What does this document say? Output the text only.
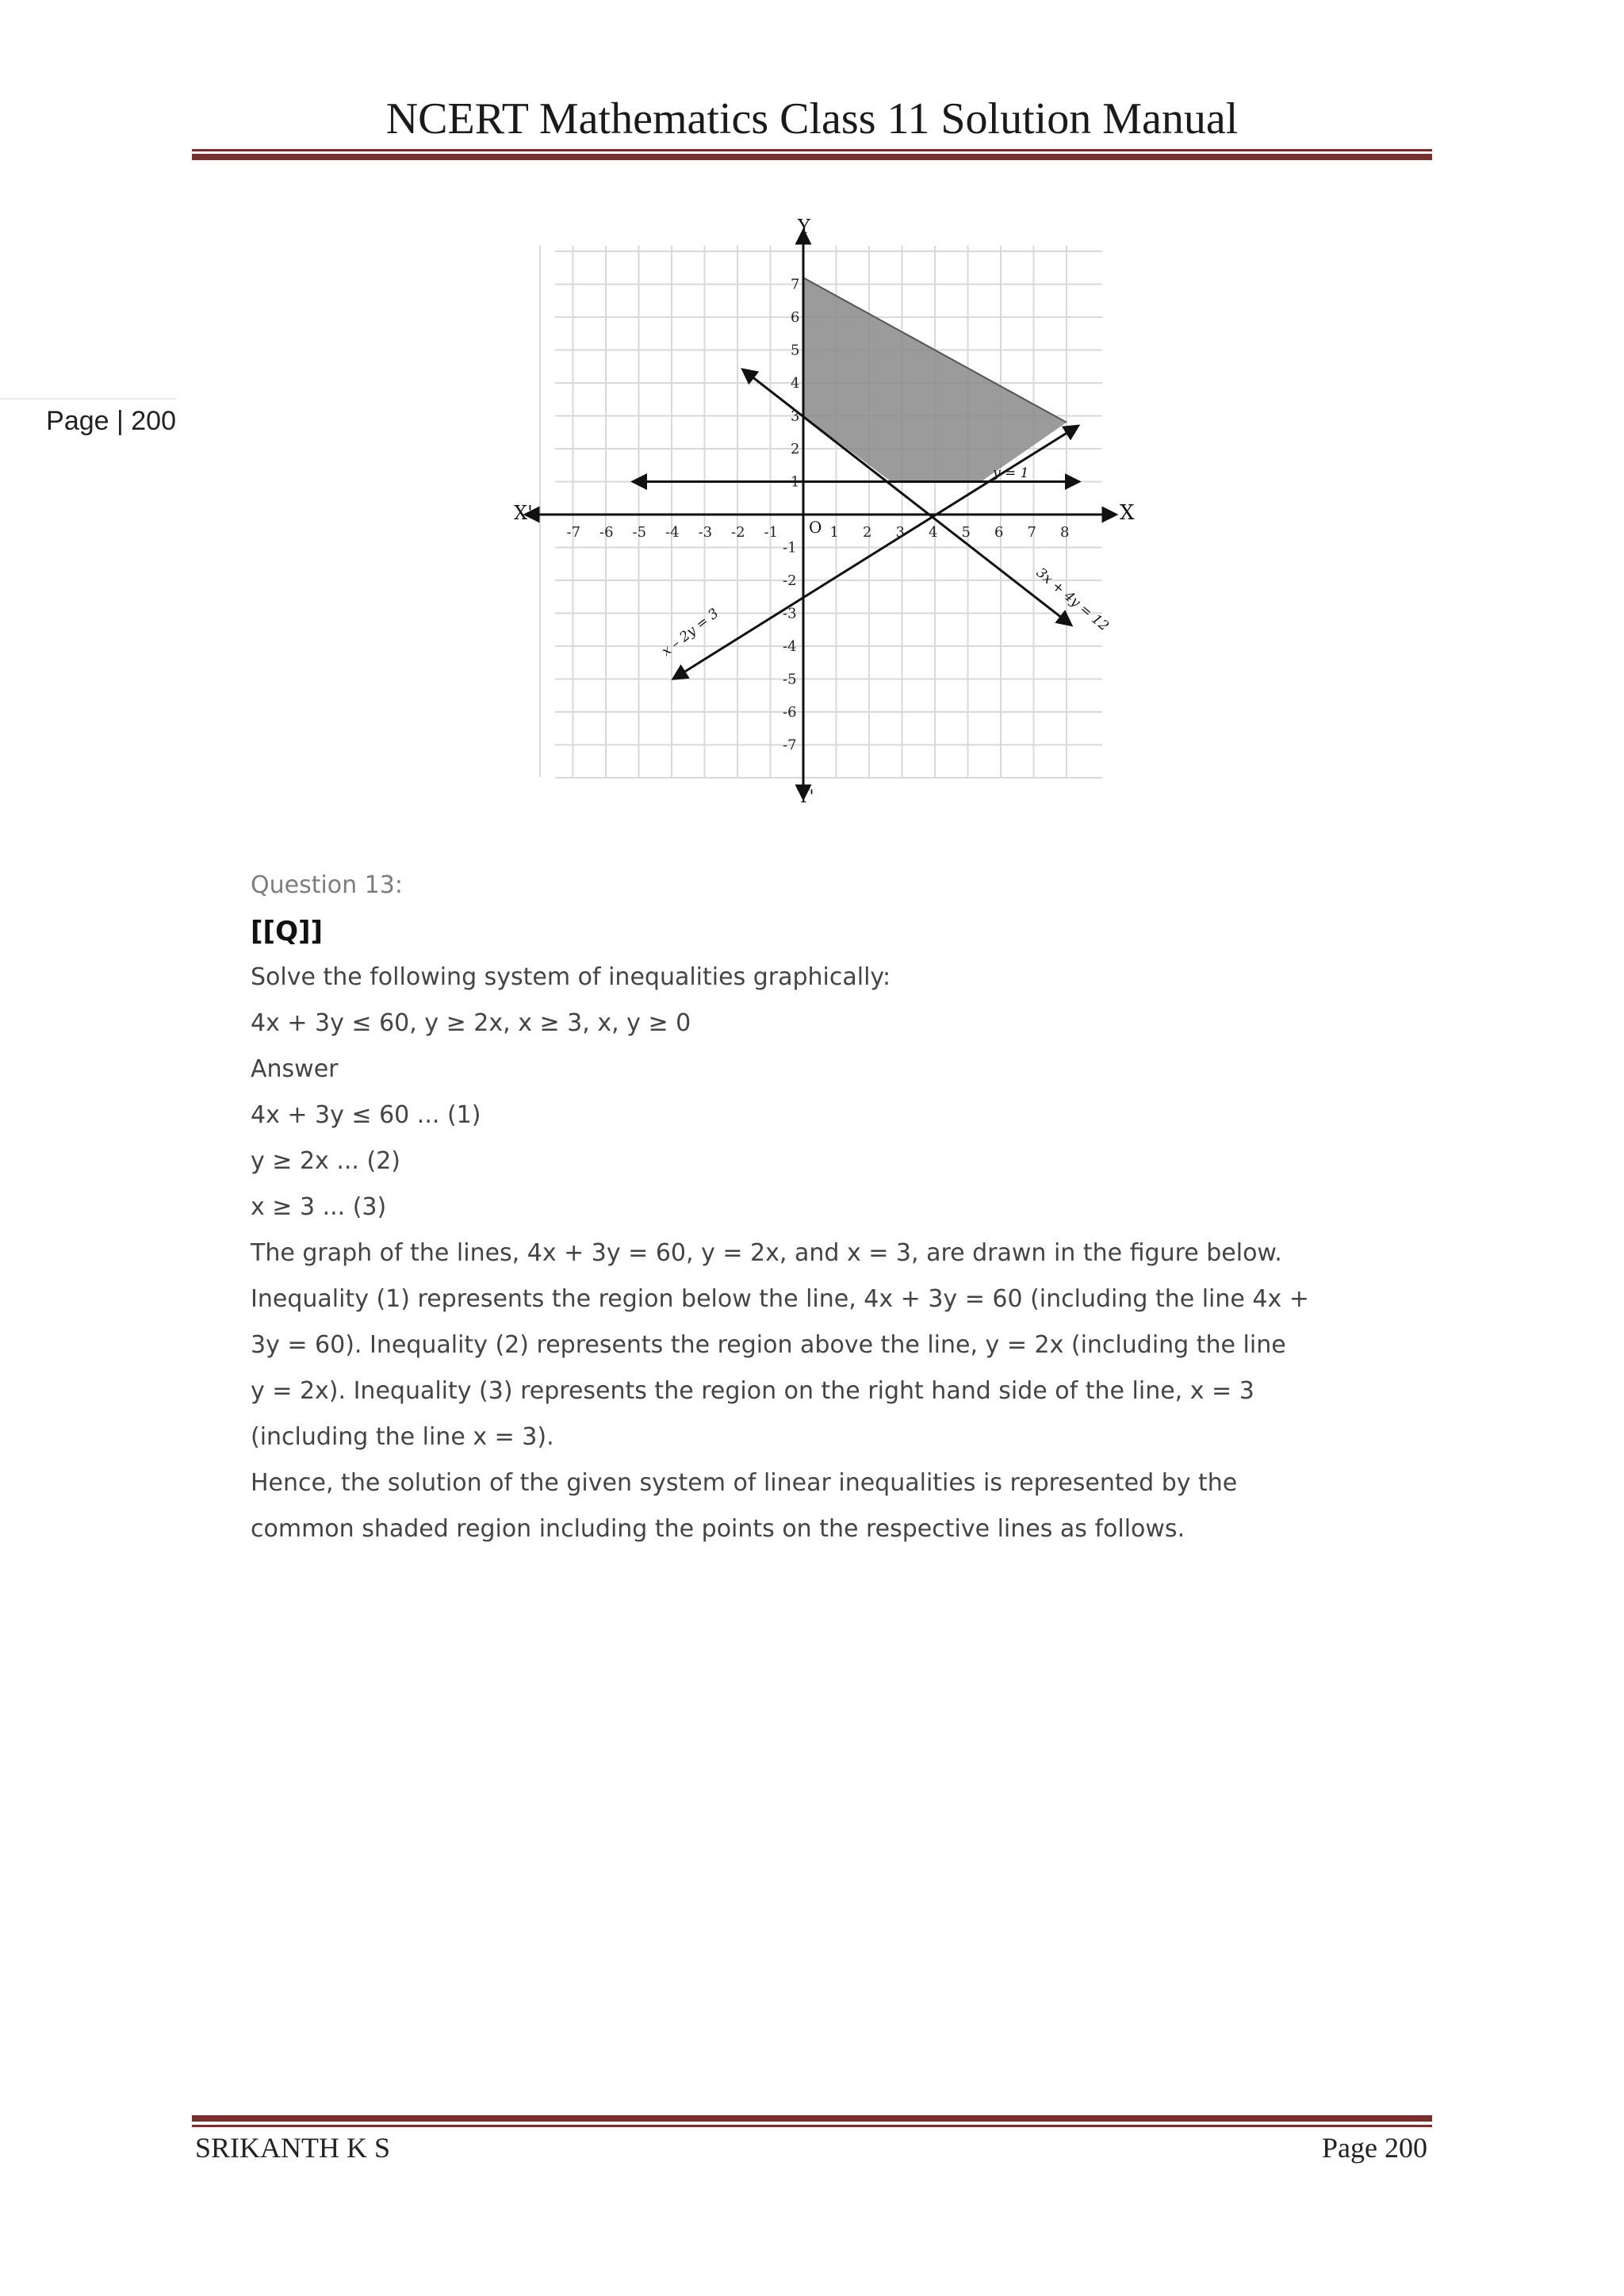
NCERT Mathematics Class 11 Solution Manual
Page | 200
-7 -6 -5 -4 -3 -2 -1	1 2 3 4 5 6 7 8
7
6
5
4
3
2
1
-1
-2
-3
-4
-5
-6
-7
X
X'
Y
Y'
O
y = 1
3x + 4y = 12
x – 2y = 3
Question 13:
[[Q]]
Solve the following system of inequalities graphically:
4x + 3y ≤ 60, y ≥ 2x, x ≥ 3, x, y ≥ 0
Answer
4x + 3y ≤ 60 ... (1)
y ≥ 2x ... (2)
x ≥ 3 ... (3)
The graph of the lines, 4x + 3y = 60, y = 2x, and x = 3, are drawn in the figure below.
Inequality (1) represents the region below the line, 4x + 3y = 60 (including the line 4x +
3y = 60). Inequality (2) represents the region above the line, y = 2x (including the line
y = 2x). Inequality (3) represents the region on the right hand side of the line, x = 3
(including the line x = 3).
Hence, the solution of the given system of linear inequalities is represented by the
common shaded region including the points on the respective lines as follows.
SRIKANTH K S	Page 200
